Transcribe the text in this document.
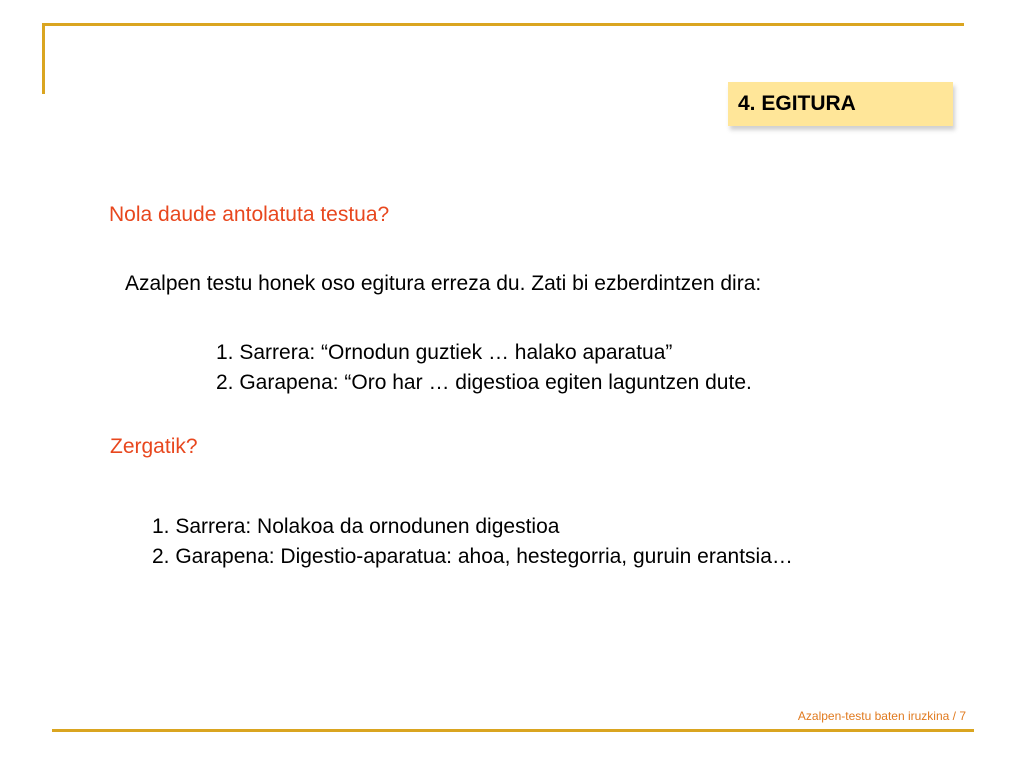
4. EGITURA
Nola daude antolatuta testua?
Azalpen testu honek oso egitura erreza du. Zati bi ezberdintzen dira:
1. Sarrera: “Ornodun guztiek … halako aparatua”
2. Garapena: “Oro har … digestioa egiten laguntzen dute.
Zergatik?
1. Sarrera: Nolakoa da ornodunen digestioa
2. Garapena: Digestio-aparatua: ahoa, hestegorria, guruin erantsia…
Azalpen-testu baten iruzkina / 7
